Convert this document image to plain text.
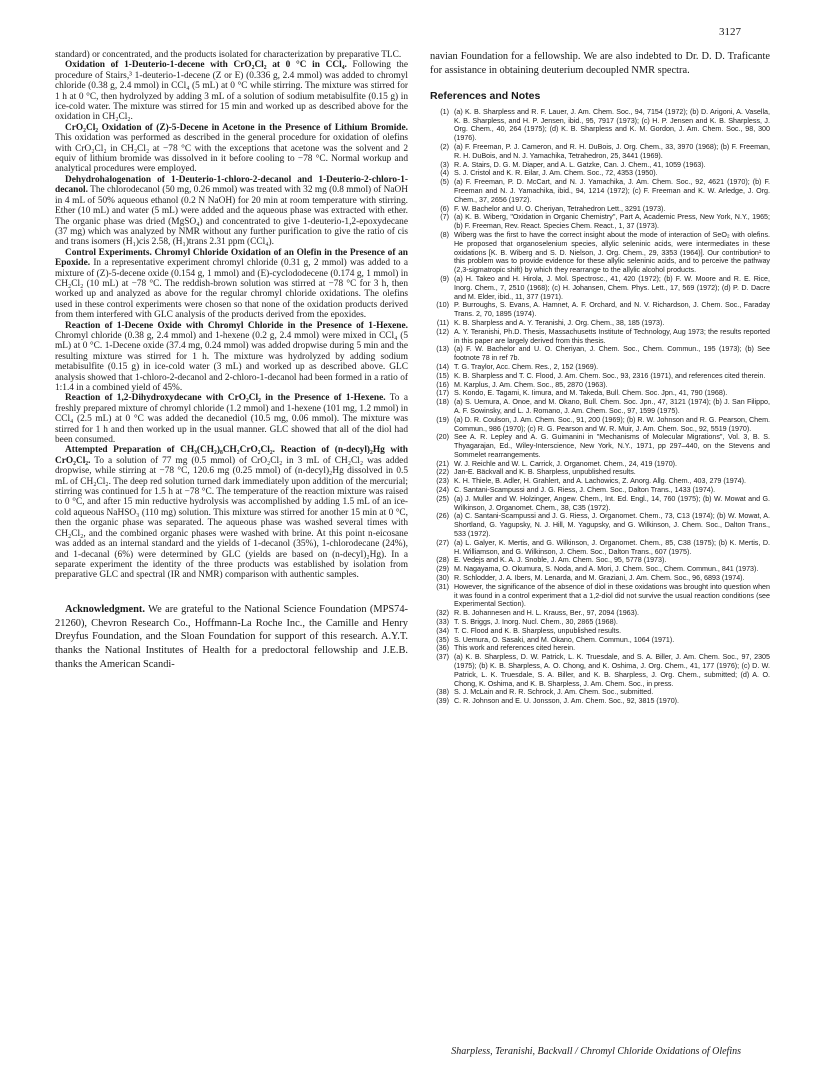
3127

standard) or concentrated, and the products isolated for characterization by preparative TLC.

Oxidation of 1-Deuterio-1-decene with CrO₂Cl₂ at 0 °C in CCl₄. Following the procedure of Stairs,³ 1-deuterio-1-decene (Z or E) (0.336 g, 2.4 mmol) was added to chromyl chloride (0.38 g, 2.4 mmol) in CCl₄ (5 mL) at 0 °C while stirring. The mixture was stirred for 1 h at 0 °C, then hydrolyzed by adding 3 mL of a solution of sodium metabisulfite (0.15 g) in ice-cold water. The mixture was stirred for 15 min and worked up as described above for the oxidation in CH₂Cl₂.

CrO₂Cl₂ Oxidation of (Z)-5-Decene in Acetone in the Presence of Lithium Bromide. This oxidation was performed as described in the general procedure for oxidation of olefins with CrO₂Cl₂ in CH₂Cl₂ at −78 °C with the exceptions that acetone was the solvent and 2 equiv of lithium bromide was dissolved in it before cooling to −78 °C. Normal workup and analytical procedures were employed.

Dehydrohalogenation of 1-Deuterio-1-chloro-2-decanol and 1-Deuterio-2-chloro-1-decanol. The chlorodecanol (50 mg, 0.26 mmol) was treated with 32 mg (0.8 mmol) of NaOH in 4 mL of 50% aqueous ethanol (0.2 N NaOH) for 20 min at room temperature with stirring. Ether (10 mL) and water (5 mL) were added and the aqueous phase was extracted with ether. The organic phase was dried (MgSO₄) and concentrated to give 1-deuterio-1,2-epoxydecane (37 mg) which was analyzed by NMR without any further purification to give the ratio of cis and trans isomers (H₁)cis 2.58, (H₁)trans 2.31 ppm (CCl₄).

Control Experiments. Chromyl Chloride Oxidation of an Olefin in the Presence of an Epoxide. In a representative experiment chromyl chloride (0.31 g, 2 mmol) was added to a mixture of (Z)-5-decene oxide (0.154 g, 1 mmol) and (E)-cyclododecene (0.174 g, 1 mmol) in CH₂Cl₂ (10 mL) at −78 °C. The reddish-brown solution was stirred at −78 °C for 3 h, then worked up and analyzed as above for the regular chromyl chloride oxidations. The olefins used in these control experiments were chosen so that none of the oxidation products derived from them interfered with GLC analysis of the products derived from the epoxides.

Reaction of 1-Decene Oxide with Chromyl Chloride in the Presence of 1-Hexene. Chromyl chloride (0.38 g, 2.4 mmol) and 1-hexene (0.2 g, 2.4 mmol) were mixed in CCl₄ (5 mL) at 0 °C. 1-Decene oxide (37.4 mg, 0.24 mmol) was added dropwise during 5 min and the resulting mixture was stirred for 1 h. The mixture was hydrolyzed by adding sodium metabisulfite (0.15 g) in ice-cold water (3 mL) and worked up as described above. GLC analysis showed that 1-chloro-2-decanol and 2-chloro-1-decanol had been formed in a ratio of 1:1.4 in a combined yield of 45%.

Reaction of 1,2-Dihydroxydecane with CrO₂Cl₂ in the Presence of 1-Hexene. To a freshly prepared mixture of chromyl chloride (1.2 mmol) and 1-hexene (101 mg, 1.2 mmol) in CCl₄ (2.5 mL) at 0 °C was added the decanediol (10.5 mg, 0.06 mmol). The mixture was stirred for 1 h and then worked up in the usual manner. GLC showed that all of the diol had been consumed.

Attempted Preparation of CH₃(CH₂)₈CH₂CrO₂Cl₂. Reaction of (n-decyl)₂Hg with CrO₂Cl₂. To a solution of 77 mg (0.5 mmol) of CrO₂Cl₂ in 3 mL of CH₂Cl₂ was added dropwise, while stirring at −78 °C, 120.6 mg (0.25 mmol) of (n-decyl)₂Hg dissolved in 0.5 mL of CH₂Cl₂. The deep red solution turned dark immediately upon addition of the mercurial; stirring was continued for 1.5 h at −78 °C. The temperature of the reaction mixture was raised to 0 °C, and after 15 min reductive hydrolysis was accomplished by adding 1.5 mL of an ice-cold aqueous NaHSO₃ (110 mg) solution. This mixture was stirred for another 15 min at 0 °C, then the organic phase was separated. The aqueous phase was washed several times with CH₂Cl₂, and the combined organic phases were washed with brine. At this point n-eicosane was added as an internal standard and the yields of 1-decanol (35%), 1-chlorodecane (24%), and 1-decanal (6%) were determined by GLC (yields are based on (n-decyl)₂Hg). In a separate experiment the identity of the three products was established by isolation from preparative GLC and spectral (IR and NMR) comparison with authentic samples.

Acknowledgment. We are grateful to the National Science Foundation (MPS74-21260), Chevron Research Co., Hoffmann-La Roche Inc., the Camille and Henry Dreyfus Foundation, and the Sloan Foundation for support of this research. A.Y.T. thanks the National Institutes of Health for a predoctoral fellowship and J.E.B. thanks the American Scandi-

navian Foundation for a fellowship. We are also indebted to Dr. D. D. Traficante for assistance in obtaining deuterium decoupled NMR spectra.

References and Notes
(1) (a) K. B. Sharpless and R. F. Lauer, J. Am. Chem. Soc., 94, 7154 (1972); (b) D. Arigoni, A. Vasella, K. B. Sharpless, and H. P. Jensen, ibid., 95, 7917 (1973); (c) H. P. Jensen and K. B. Sharpless, J. Org. Chem., 40, 264 (1975); (d) K. B. Sharpless and K. M. Gordon, J. Am. Chem. Soc., 98, 300 (1976).
(2) (a) F. Freeman, P. J. Cameron, and R. H. DuBois, J. Org. Chem., 33, 3970 (1968); (b) F. Freeman, R. H. DuBois, and N. J. Yamachika, Tetrahedron, 25, 3441 (1969).
(3) R. A. Stairs, D. G. M. Diaper, and A. L. Gatzke, Can. J. Chem., 41, 1059 (1963).
(4) S. J. Cristol and K. R. Eilar, J. Am. Chem. Soc., 72, 4353 (1950).
(5) (a) F. Freeman, P. D. McCart, and N. J. Yamachika, J. Am. Chem. Soc., 92, 4621 (1970); (b) F. Freeman and N. J. Yamachika, ibid., 94, 1214 (1972); (c) F. Freeman and K. W. Arledge, J. Org. Chem., 37, 2656 (1972).
(6) F. W. Bachelor and U. O. Cheriyan, Tetrahedron Lett., 3291 (1973).
(7) (a) K. B. Wiberg, "Oxidation in Organic Chemistry", Part A, Academic Press, New York, N.Y., 1965; (b) F. Freeman, Rev. React. Species Chem. React., 1, 37 (1973).
(8) Wiberg was the first to have the correct insight about the mode of interaction of SeO₂ with olefins. He proposed that organoselenium species, allylic seleninic acids, were intermediates in these oxidations [K. B. Wiberg and S. D. Nielson, J. Org. Chem., 29, 3353 (1964)]. Our contribution¹ to this problem was to provide evidence for these allylic seleninic acids, and to perceive the pathway (2,3-sigmatropic shift) by which they rearrange to the allylic alcohol products.
(9) (a) H. Takeo and H. Hirola, J. Mol. Spectrosc., 41, 420 (1972); (b) F. W. Moore and R. E. Rice, Inorg. Chem., 7, 2510 (1968); (c) H. Johansen, Chem. Phys. Lett., 17, 569 (1972); (d) P. D. Dacre and M. Elder, ibid., 11, 377 (1971).
(10) P. Burroughs, S. Evans, A. Hamnet, A. F. Orchard, and N. V. Richardson, J. Chem. Soc., Faraday Trans. 2, 70, 1895 (1974).
(11) K. B. Sharpless and A. Y. Teranishi, J. Org. Chem., 38, 185 (1973).
(12) A. Y. Teranishi, Ph.D. Thesis, Massachusetts Institute of Technology, Aug 1973; the results reported in this paper are largely derived from this thesis.
(13) (a) F. W. Bachelor and U. O. Cheriyan, J. Chem. Soc., Chem. Commun., 195 (1973); (b) See footnote 78 in ref 7b.
(14) T. G. Traylor, Acc. Chem. Res., 2, 152 (1969).
(15) K. B. Sharpless and T. C. Flood, J. Am. Chem. Soc., 93, 2316 (1971), and references cited therein.
(16) M. Karplus, J. Am. Chem. Soc., 85, 2870 (1963).
(17) S. Kondo, E. Tagami, K. Iimura, and M. Takeda, Bull. Chem. Soc. Jpn., 41, 790 (1968).
(18) (a) S. Uemura, A. Onoe, and M. Okano, Bull. Chem. Soc. Jpn., 47, 3121 (1974); (b) J. San Filippo, A. F. Sowinsky, and L. J. Romano, J. Am. Chem. Soc., 97, 1599 (1975).
(19) (a) D. R. Coulson, J. Am. Chem. Soc., 91, 200 (1969); (b) R. W. Johnson and R. G. Pearson, Chem. Commun., 986 (1970); (c) R. G. Pearson and W. R. Muir, J. Am. Chem. Soc., 92, 5519 (1970).
(20) See A. R. Lepley and A. G. Guimanini in "Mechanisms of Molecular Migrations", Vol. 3, B. S. Thyagarajan, Ed., Wiley-Interscience, New York, N.Y., 1971, pp 297–440, on the Stevens and Sommelet rearrangements.
(21) W. J. Reichle and W. L. Carrick, J. Organomet. Chem., 24, 419 (1970).
(22) Jan-E. Bäckvall and K. B. Sharpless, unpublished results.
(23) K. H. Thiele, B. Adler, H. Grahlert, and A. Lachowics, Z. Anorg. Allg. Chem., 403, 279 (1974).
(24) C. Santani-Scampussi and J. G. Riess, J. Chem. Soc., Dalton Trans., 1433 (1974).
(25) (a) J. Muller and W. Holzinger, Angew. Chem., Int. Ed. Engl., 14, 760 (1975); (b) W. Mowat and G. Wilkinson, J. Organomet. Chem., 38, C35 (1972).
(26) (a) C. Santani-Scampussi and J. G. Riess, J. Organomet. Chem., 73, C13 (1974); (b) W. Mowat, A. Shortland, G. Yagupsky, N. J. Hill, M. Yagupsky, and G. Wilkinson, J. Chem. Soc., Dalton Trans., 533 (1972).
(27) (a) L. Galyer, K. Mertis, and G. Wilkinson, J. Organomet. Chem., 85, C38 (1975); (b) K. Mertis, D. H. Williamson, and G. Wilkinson, J. Chem. Soc., Dalton Trans., 607 (1975).
(28) E. Vedejs and K. A. J. Snoble, J. Am. Chem. Soc., 95, 5778 (1973).
(29) M. Nagayama, O. Okumura, S. Noda, and A. Mori, J. Chem. Soc., Chem. Commun., 841 (1973).
(30) R. Schlodder, J. A. Ibers, M. Lenarda, and M. Graziani, J. Am. Chem. Soc., 96, 6893 (1974).
(31) However, the significance of the absence of diol in these oxidations was brought into question when it was found in a control experiment that a 1,2-diol did not survive the usual reaction conditions (see Experimental Section).
(32) R. B. Johannesen and H. L. Krauss, Ber., 97, 2094 (1963).
(33) T. S. Briggs, J. Inorg. Nucl. Chem., 30, 2865 (1968).
(34) T. C. Flood and K. B. Sharpless, unpublished results.
(35) S. Uemura, O. Sasaki, and M. Okano, Chem. Commun., 1064 (1971).
(36) This work and references cited herein.
(37) (a) K. B. Sharpless, D. W. Patrick, L. K. Truesdale, and S. A. Biller, J. Am. Chem. Soc., 97, 2305 (1975); (b) K. B. Sharpless, A. O. Chong, and K. Oshima, J. Org. Chem., 41, 177 (1976); (c) D. W. Patrick, L. K. Truesdale, S. A. Biller, and K. B. Sharpless, J. Org. Chem., submitted; (d) A. O. Chong, K. Oshima, and K. B. Sharpless, J. Am. Chem. Soc., in press.
(38) S. J. McLain and R. R. Schrock, J. Am. Chem. Soc., submitted.
(39) C. R. Johnson and E. U. Jonsson, J. Am. Chem. Soc., 92, 3815 (1970).
Sharpless, Teranishi, Backvall / Chromyl Chloride Oxidations of Olefins
